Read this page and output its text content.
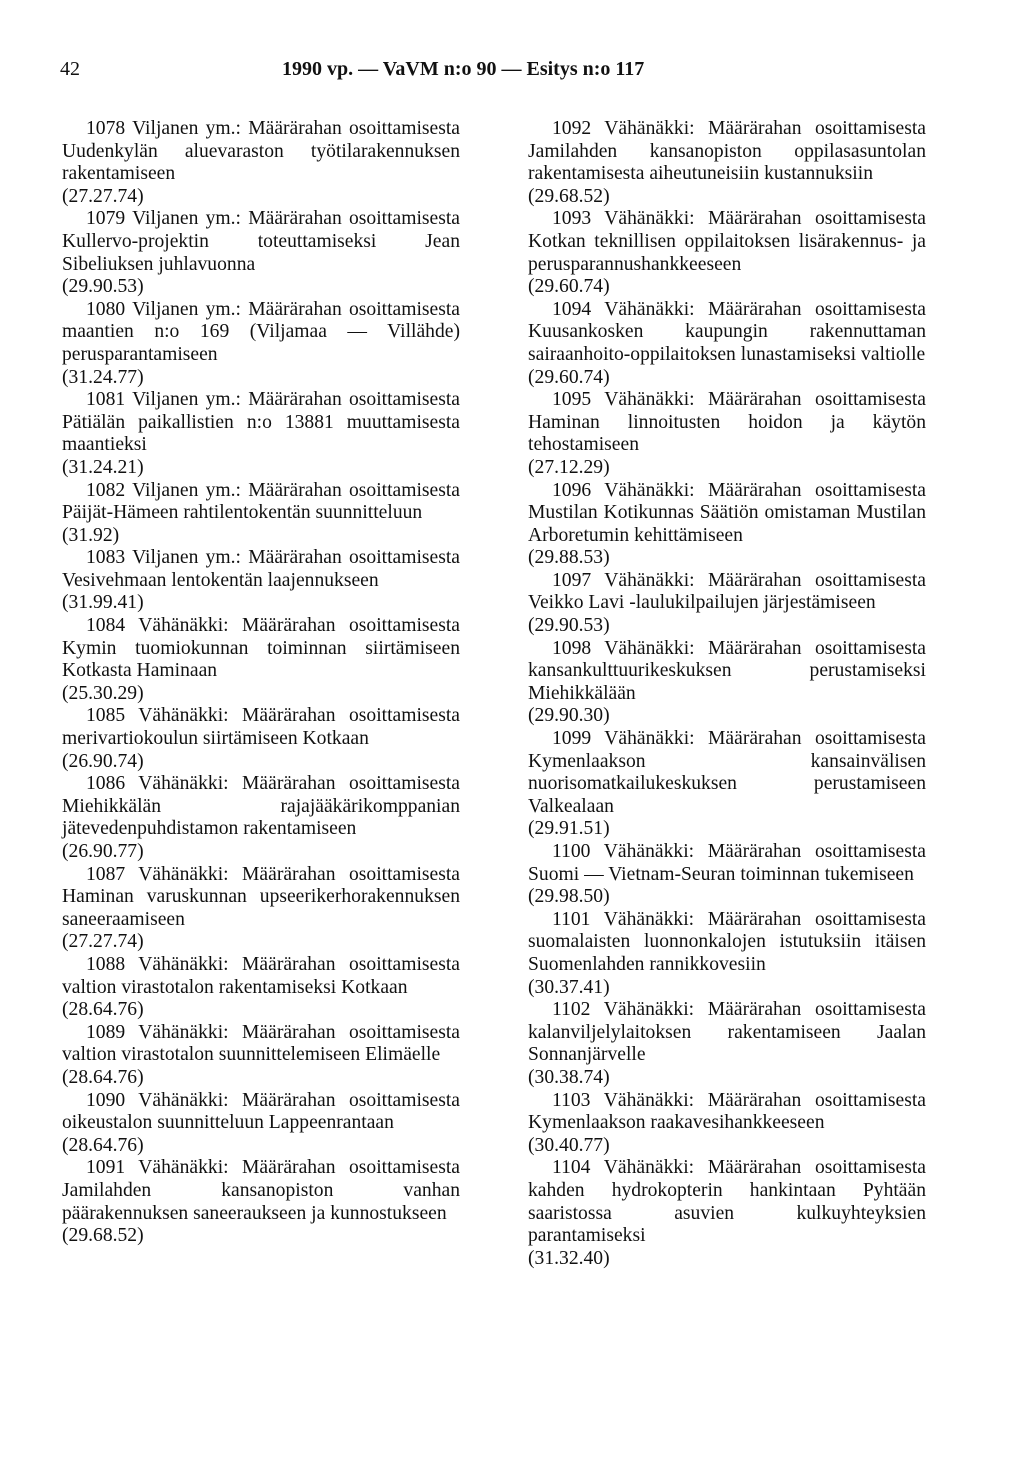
42	1990 vp. — VaVM n:o 90 — Esitys n:o 117

1078 Viljanen ym.: Määrärahan osoittamisesta Uudenkylän aluevaraston työtilarakennuksen rakentamiseen

(27.27.74)

1079 Viljanen ym.: Määrärahan osoittamisesta Kullervo-projektin toteuttamiseksi Jean Sibeliuksen juhlavuonna

(29.90.53)

1080 Viljanen ym.: Määrärahan osoittamisesta maantien n:o 169 (Viljamaa — Villähde) perusparantamiseen

(31.24.77)

1081 Viljanen ym.: Määrärahan osoittamisesta Pätiälän paikallistien n:o 13881 muuttamisesta maantieksi

(31.24.21)

1082 Viljanen ym.: Määrärahan osoittamisesta Päijät-Hämeen rahtilentokentän suunnitteluun

(31.92)

1083 Viljanen ym.: Määrärahan osoittamisesta Vesivehmaan lentokentän laajennukseen

(31.99.41)

1084 Vähänäkki: Määrärahan osoittamisesta Kymin tuomiokunnan toiminnan siirtämiseen Kotkasta Haminaan

(25.30.29)

1085 Vähänäkki: Määrärahan osoittamisesta merivartiokoulun siirtämiseen Kotkaan

(26.90.74)

1086 Vähänäkki: Määrärahan osoittamisesta Miehikkälän rajajääkärikomppanian jätevedenpuhdistamon rakentamiseen

(26.90.77)

1087 Vähänäkki: Määrärahan osoittamisesta Haminan varuskunnan upseerikerhorakennuksen saneeraamiseen

(27.27.74)

1088 Vähänäkki: Määrärahan osoittamisesta valtion virastotalon rakentamiseksi Kotkaan

(28.64.76)

1089 Vähänäkki: Määrärahan osoittamisesta valtion virastotalon suunnittelemiseen Elimäelle

(28.64.76)

1090 Vähänäkki: Määrärahan osoittamisesta oikeustalon suunnitteluun Lappeenrantaan

(28.64.76)

1091 Vähänäkki: Määrärahan osoittamisesta Jamilahden kansanopiston vanhan päärakennuksen saneeraukseen ja kunnostukseen

(29.68.52)

1092 Vähänäkki: Määrärahan osoittamisesta Jamilahden kansanopiston oppilasasuntolan rakentamisesta aiheutuneisiin kustannuksiin

(29.68.52)

1093 Vähänäkki: Määrärahan osoittamisesta Kotkan teknillisen oppilaitoksen lisärakennus- ja perusparannushankkeeseen

(29.60.74)

1094 Vähänäkki: Määrärahan osoittamisesta Kuusankosken kaupungin rakennuttaman sairaanhoito-oppilaitoksen lunastamiseksi valtiolle

(29.60.74)

1095 Vähänäkki: Määrärahan osoittamisesta Haminan linnoitusten hoidon ja käytön tehostamiseen

(27.12.29)

1096 Vähänäkki: Määrärahan osoittamisesta Mustilan Kotikunnas Säätiön omistaman Mustilan Arboretumin kehittämiseen

(29.88.53)

1097 Vähänäkki: Määrärahan osoittamisesta Veikko Lavi -laulukilpailujen järjestämiseen

(29.90.53)

1098 Vähänäkki: Määrärahan osoittamisesta kansankulttuurikeskuksen perustamiseksi Miehikkälään

(29.90.30)

1099 Vähänäkki: Määrärahan osoittamisesta Kymenlaakson kansainvälisen nuorisomatkailukeskuksen perustamiseen Valkealaan

(29.91.51)

1100 Vähänäkki: Määrärahan osoittamisesta Suomi — Vietnam-Seuran toiminnan tukemiseen

(29.98.50)

1101 Vähänäkki: Määrärahan osoittamisesta suomalaisten luonnonkalojen istutuksiin itäisen Suomenlahden rannikkovesiin

(30.37.41)

1102 Vähänäkki: Määrärahan osoittamisesta kalanviljelylaitoksen rakentamiseen Jaalan Sonnanjärvelle

(30.38.74)

1103 Vähänäkki: Määrärahan osoittamisesta Kymenlaakson raakavesihankkeeseen

(30.40.77)

1104 Vähänäkki: Määrärahan osoittamisesta kahden hydrokopterin hankintaan Pyhtään saaristossa asuvien kulkuyhteyksien parantamiseksi

(31.32.40)
